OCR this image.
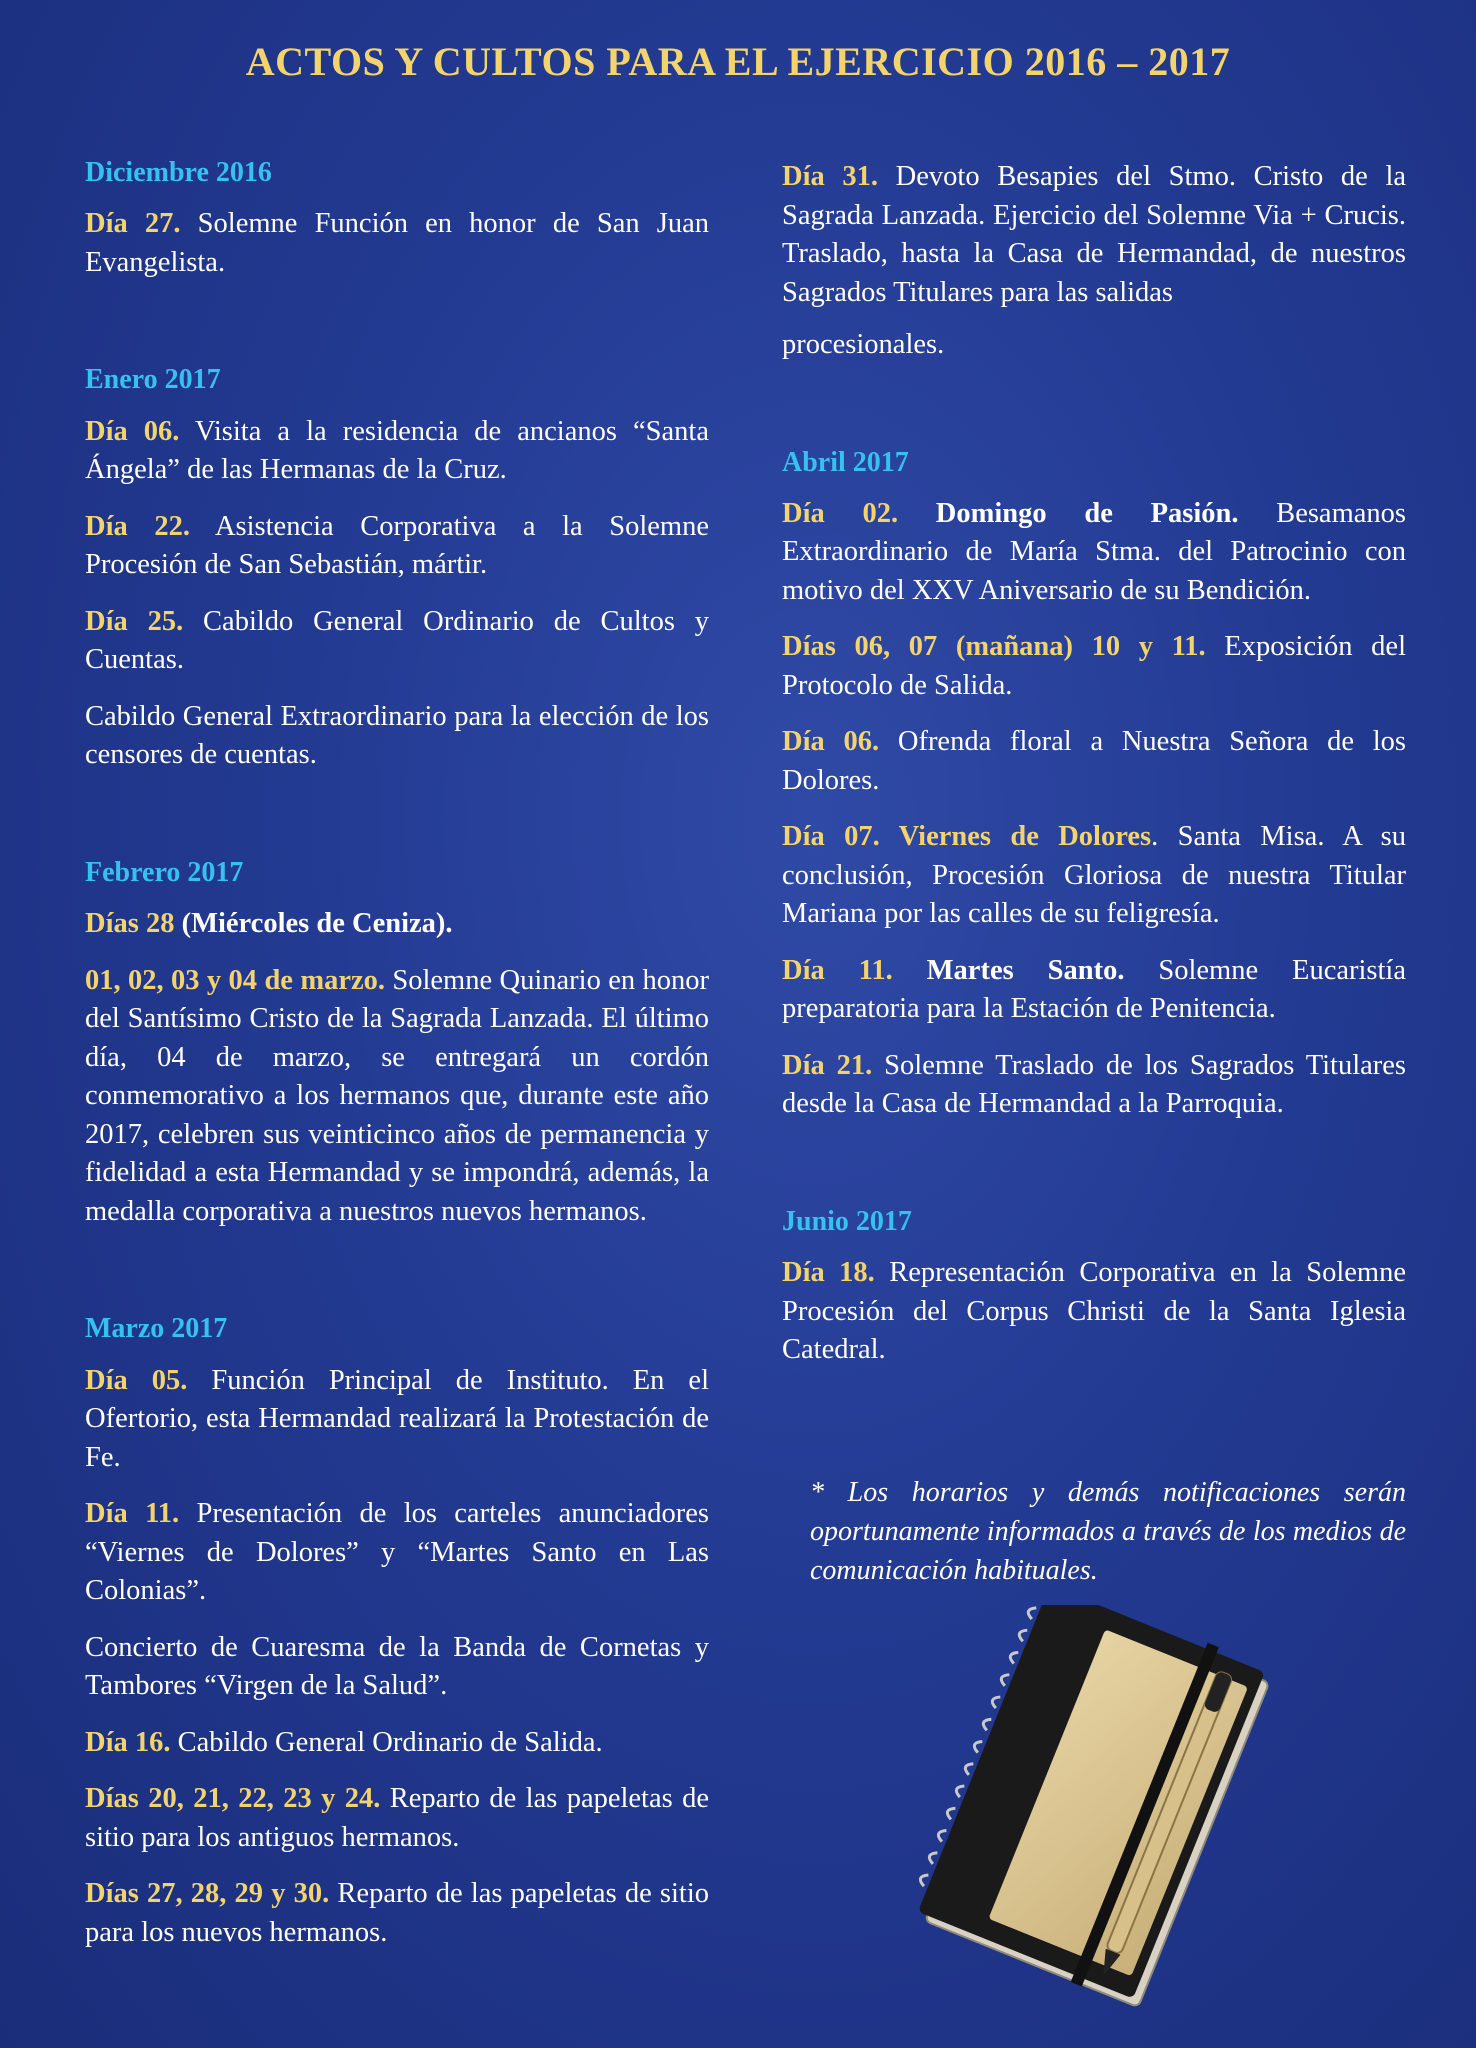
ACTOS Y CULTOS PARA EL EJERCICIO 2016 – 2017
Diciembre 2016

Día 27. Solemne Función en honor de San Juan Evangelista.

Enero 2017

Día 06. Visita a la residencia de ancianos “Santa Ángela” de las Hermanas de la Cruz.

Día 22. Asistencia Corporativa a la Solemne Procesión de San Sebastián, mártir.

Día 25. Cabildo General Ordinario de Cultos y Cuentas.

Cabildo General Extraordinario para la elección de los censores de cuentas.

Febrero 2017

Días 28 (Miércoles de Ceniza).

01, 02, 03 y 04 de marzo. Solemne Quinario en honor del Santísimo Cristo de la Sagrada Lanzada. El último día, 04 de marzo, se entregará un cordón conmemorativo a los hermanos que, durante este año 2017, celebren sus veinticinco años de permanencia y fidelidad a esta Hermandad y se impondrá, además, la medalla corporativa a nuestros nuevos hermanos.

Marzo 2017

Día 05. Función Principal de Instituto. En el Ofertorio, esta Hermandad realizará la Protestación de Fe.

Día 11. Presentación de los carteles anunciadores “Viernes de Dolores” y “Martes Santo en Las Colonias”.

Concierto de Cuaresma de la Banda de Cornetas y Tambores “Virgen de la Salud”.

Día 16. Cabildo General Ordinario de Salida.

Días 20, 21, 22, 23 y 24. Reparto de las papeletas de sitio para los antiguos hermanos.

Días 27, 28, 29 y 30. Reparto de las papeletas de sitio para los nuevos hermanos.

Día 31. Devoto Besapies del Stmo. Cristo de la Sagrada Lanzada. Ejercicio del Solemne Via + Crucis. Traslado, hasta la Casa de Hermandad, de nuestros Sagrados Titulares para las salidas

procesionales.

Abril 2017

Día 02. Domingo de Pasión. Besamanos Extraordinario de María Stma. del Patrocinio con motivo del XXV Aniversario de su Bendición.

Días 06, 07 (mañana) 10 y 11. Exposición del Protocolo de Salida.

Día 06. Ofrenda floral a Nuestra Señora de los Dolores.

Día 07. Viernes de Dolores. Santa Misa. A su conclusión, Procesión Gloriosa de nuestra Titular Mariana por las calles de su feligresía.

Día 11. Martes Santo. Solemne Eucaristía preparatoria para la Estación de Penitencia.

Día 21. Solemne Traslado de los Sagrados Titulares desde la Casa de Hermandad a la Parroquia.

Junio 2017

Día 18. Representación Corporativa en la Solemne Procesión del Corpus Christi de la Santa Iglesia Catedral.

* Los horarios y demás notificaciones serán oportunamente informados a través de los medios de comunicación habituales.
